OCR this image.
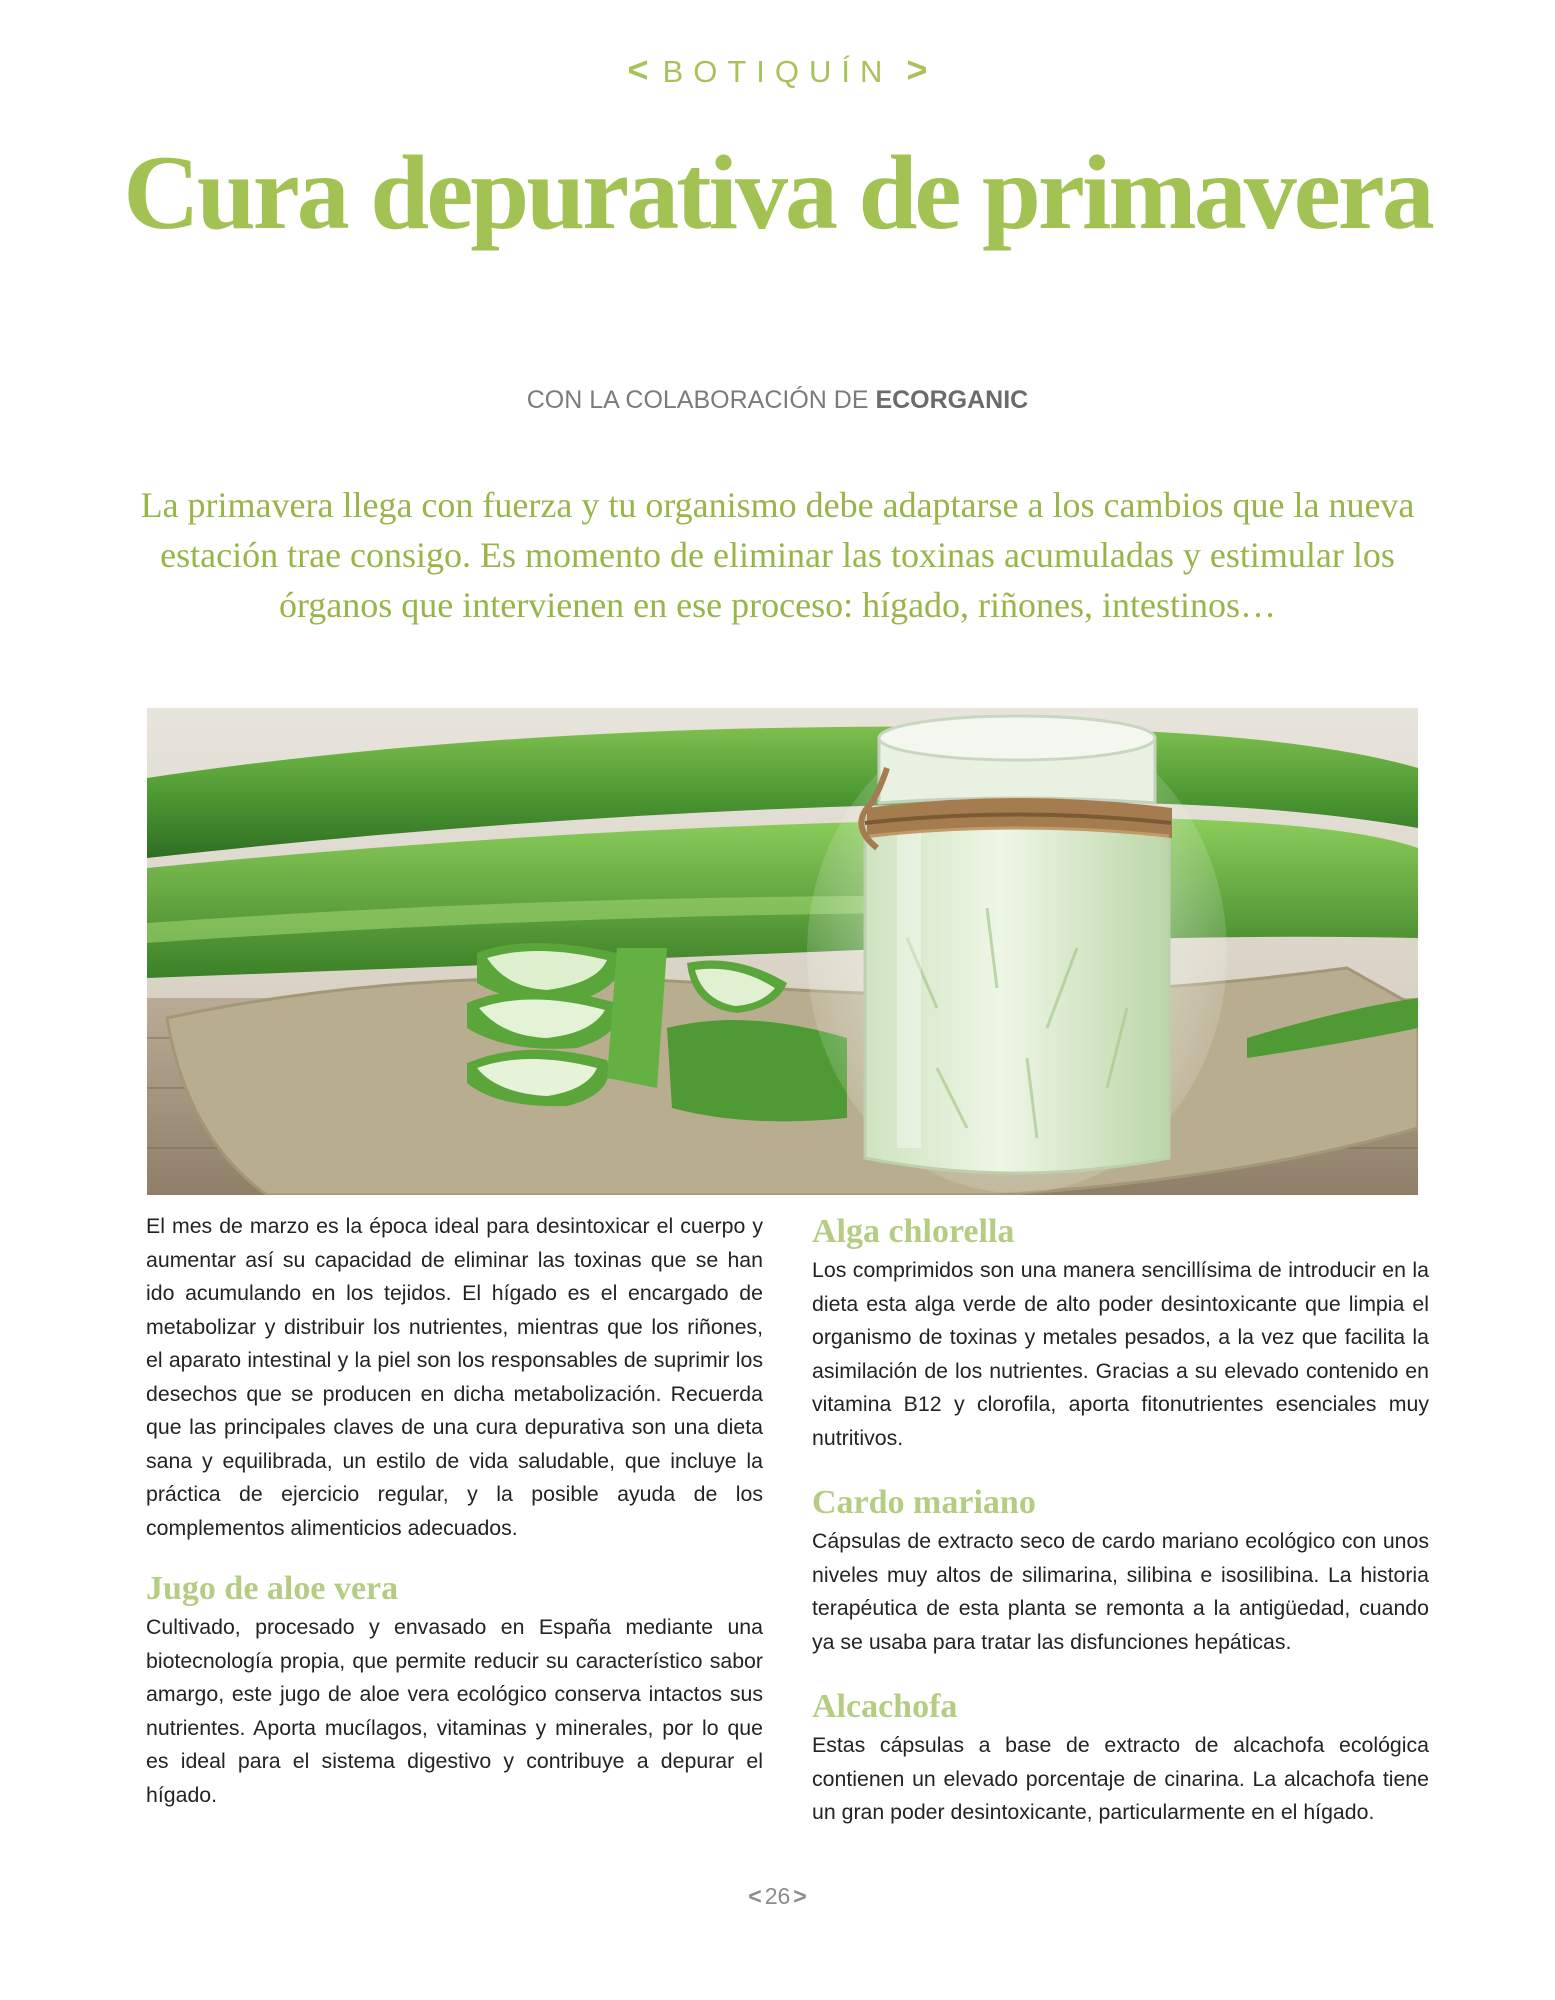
< BOTIQUÍN >
Cura depurativa de primavera
CON LA COLABORACIÓN DE ECORGANIC
La primavera llega con fuerza y tu organismo debe adaptarse a los cambios que la nueva estación trae consigo. Es momento de eliminar las toxinas acumuladas y estimular los órganos que intervienen en ese proceso: hígado, riñones, intestinos…

El mes de marzo es la época ideal para desintoxicar el cuerpo y aumentar así su capacidad de eliminar las toxinas que se han ido acumulando en los tejidos. El hígado es el encargado de metabolizar y distribuir los nutrientes, mientras que los riñones, el aparato intestinal y la piel son los responsables de suprimir los desechos que se producen en dicha metabolización. Recuerda que las principales claves de una cura depurativa son una dieta sana y equilibrada, un estilo de vida saludable, que incluye la práctica de ejercicio regular, y la posible ayuda de los complementos alimenticios adecuados.

Jugo de aloe vera

Cultivado, procesado y envasado en España mediante una biotecnología propia, que permite reducir su característico sabor amargo, este jugo de aloe vera ecológico conserva intactos sus nutrientes. Aporta mucílagos, vitaminas y minerales, por lo que es ideal para el sistema digestivo y contribuye a depurar el hígado.

Alga chlorella

Los comprimidos son una manera sencillísima de introducir en la dieta esta alga verde de alto poder desintoxicante que limpia el organismo de toxinas y metales pesados, a la vez que facilita la asimilación de los nutrientes. Gracias a su elevado contenido en vitamina B12 y clorofila, aporta fitonutrientes esenciales muy nutritivos.

Cardo mariano

Cápsulas de extracto seco de cardo mariano ecológico con unos niveles muy altos de silimarina, silibina e isosilibina. La historia terapéutica de esta planta se remonta a la antigüedad, cuando ya se usaba para tratar las disfunciones hepáticas.

Alcachofa

Estas cápsulas a base de extracto de alcachofa ecológica contienen un elevado porcentaje de cinarina. La alcachofa tiene un gran poder desintoxicante, particularmente en el hígado.

< 26 >
